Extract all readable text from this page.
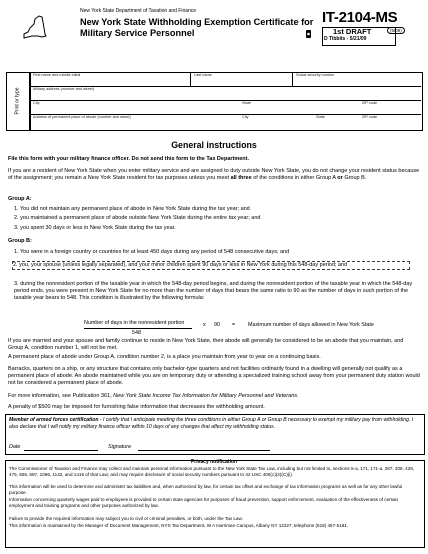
New York State Department of Taxation and Finance
New York State Withholding Exemption Certificate for Military Service Personnel
IT-2104-MS
1st DRAFT
D Tibbits - 5/21/09
(5/09)
Print or type
First name and middle initial	Last name	Social security number
Military address (number and street)
City	State	ZIP code
Address of permanent place of abode (number and street)	City	State	ZIP code
General instructions
File this form with your military finance officer. Do not send this form to the Tax Department.
If you are a resident of New York State when you enter military service and are assigned to duty outside New York State, you do not change your resident status because of the assignment; you remain a New York State resident for tax purposes unless you meet all three of the conditions in either Group A or Group B.
Group A:
1. You did not maintain any permanent place of abode in New York State during the tax year; and
2. you maintained a permanent place of abode outside New York State during the entire tax year; and
3. you spent 30 days or less in New York State during the tax year.
Group B:
1. You were in a foreign country or countries for at least 450 days during any period of 548 consecutive days; and
2. you, your spouse (unless legally separated), and your minor children spent 90 days or less in New York during this 548-day period; and
3. during the nonresident portion of the taxable year in which the 548-day period begins, and during the nonresident portion of the taxable year in which the 548-day period ends, you were present in New York State for no more than the number of days that bears the same ratio to 90 as the number of days in such portion of the taxable year bears to 548. This condition is illustrated by the following formula:
Number of days in the nonresident portion
548
x 90 = Maximum number of days allowed in New York State
If you are married and your spouse and family continue to reside in New York State, their abode will generally be considered to be an abode that you maintain, and Group A, condition number 1, will not be met.
A permanent place of abode under Group A, condition number 2, is a place you maintain from year to year on a continuing basis.
Barracks, quarters on a ship, or any structure that contains only bachelor-type quarters and not facilities ordinarily found in a dwelling will generally not qualify as a permanent place of abode. An abode maintained while you are on temporary duty or attending a specialized training school away from your permanent duty station would not be considered a permanent place of abode.
For more information, see Publication 361, New York State Income Tax Information for Military Personnel and Veterans.
A penalty of $500 may be imposed for furnishing false information that decreases the withholding amount.
Member of armed forces certification - I certify that I anticipate meeting the three conditions in either Group A or Group B necessary to exempt my military pay from withholding. I also declare that I will notify my military finance officer within 10 days of any changes that affect my withholding status.
Date	Signature
Privacy notification
The Commissioner of Taxation and Finance may collect and maintain personal information pursuant to the New York State Tax Law, including but not limited to, sections 5-a, 171, 171-a, 287, 308, 429, 475, 505, 697, 1096, 1142, and 1415 of that Law; and may require disclosure of social security numbers pursuant to 42 USC 405(c)(2)(C)(i).
This information will be used to determine and administer tax liabilities and, when authorized by law, for certain tax offset and exchange of tax information programs as well as for any other lawful purpose.
Information concerning quarterly wages paid to employees is provided to certain state agencies for purposes of fraud prevention, support enforcement, evaluation of the effectiveness of certain employment and training programs and other purposes authorized by law.
Failure to provide the required information may subject you to civil or criminal penalties, or both, under the Tax Law.
This information is maintained by the Manager of Document Management, NYS Tax Department, W A Harriman Campus, Albany NY 12227; telephone (518) 457-5181.
